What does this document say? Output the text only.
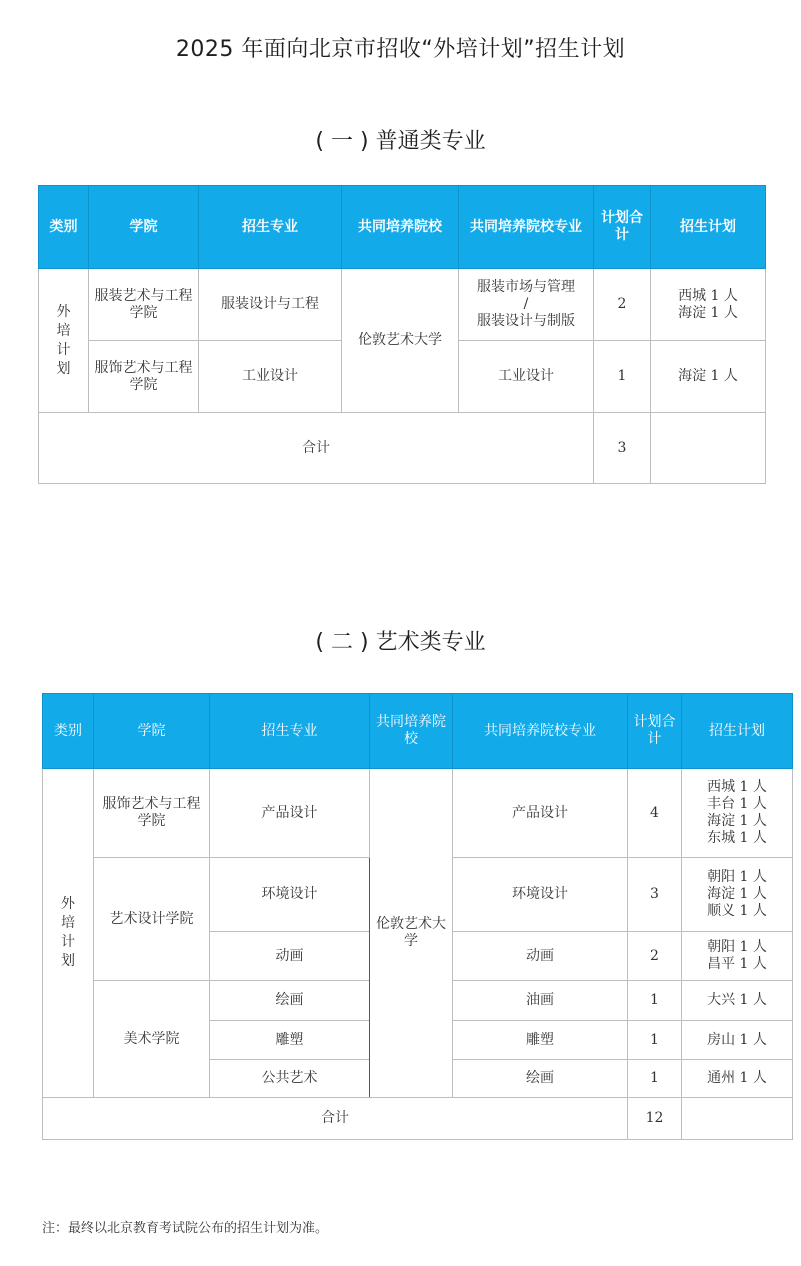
2025 年面向北京市招收“外培计划”招生计划
( 一 ) 普通类专业
类别	学院	招生专业	共同培养院校	共同培养院校专业	计划合计	招生计划
外培计划	服装艺术与工程学院	服装设计与工程	伦敦艺术大学	服装市场与管理
/
服装设计与制版	2	西城 1 人
海淀 1 人

	服饰艺术与工程学院	工业设计		工业设计	1	海淀 1 人
合计					3	
( 二 ) 艺术类专业
类别	学院	招生专业	共同培养院校	共同培养院校专业	计划合计	招生计划
外培计划	服饰艺术与工程学院	产品设计	伦敦艺术大学	产品设计	4	西城 1 人
丰台 1 人
海淀 1 人
东城 1 人

	艺术设计学院	环境设计		环境设计	3	朝阳 1 人
海淀 1 人
顺义 1 人

		动画		动画	2	朝阳 1 人
昌平 1 人

	美术学院	绘画		油画	1	大兴 1 人
		雕塑		雕塑	1	房山 1 人
		公共艺术		绘画	1	通州 1 人
合计					12	
注：最终以北京教育考试院公布的招生计划为准。
